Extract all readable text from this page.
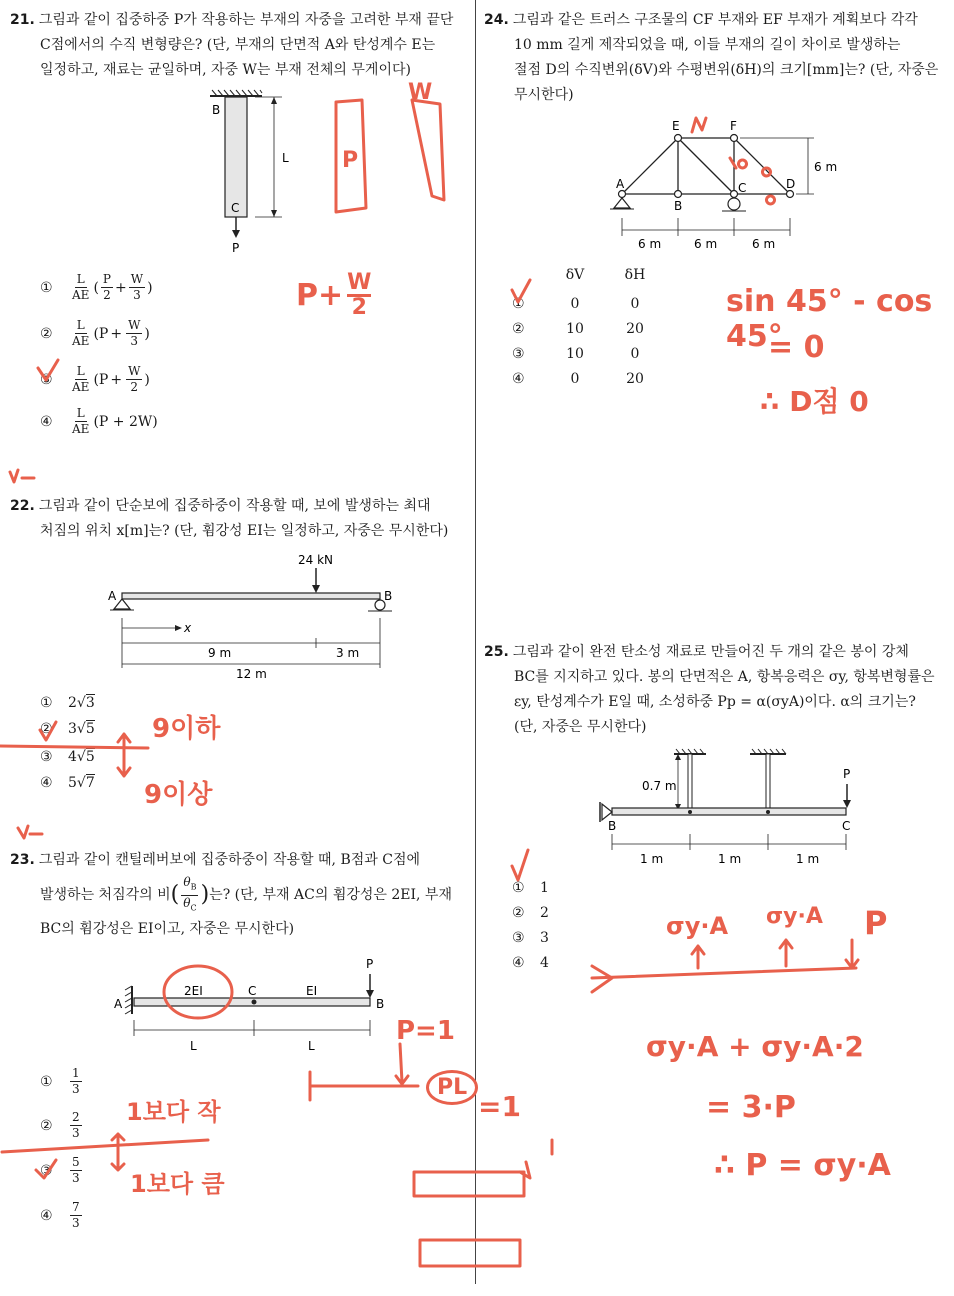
21. 그림과 같이 집중하중 P가 작용하는 부재의 자중을 고려한 부재 끝단

C점에서의 수직 변형량은? (단, 부재의 단면적 A와 탄성계수 E는

일정하고, 재료는 균일하며, 자중 W는 부재 전체의 무게이다)

B
C
P
L
①	$\frac{L}{AE}$ ( $\frac{P}{2} + \frac{W}{3}$ )
②	$\frac{L}{AE} (P + \frac{W}{3}$ )
③	$\frac{L}{AE} (P + \frac{W}{2}$ )
④	$\frac{L}{AE} (P + 2W)$

22. 그림과 같이 단순보에 집중하중이 작용할 때, 보에 발생하는 최대

처짐의 위치 x[m]는? (단, 휨강성 EI는 일정하고, 자중은 무시한다)

24 kN
A	B
x
9 m	3 m
12 m
①	2 √ 3
②	3 √ 5
③	4 √ 5
④	5 √ 7

23. 그림과 같이 캔틸레버보에 집중하중이 작용할 때, B점과 C점에

발생하는 처짐각의 비 ( $\frac{\theta_B}{\theta_C}$ ) 는? (단, 부재 AC의 휨강성은 2EI, 부재

BC의 휨강성은 EI이고, 자중은 무시한다)

P
A
2EI	C	EI
B
L	L
①	$\frac{1}{3}$
②	$\frac{2}{3}$
③	$\frac{5}{3}$
④	$\frac{7}{3}$

24. 그림과 같은 트러스 구조물의 CF 부재와 EF 부재가 계획보다 각각

10 mm 길게 제작되었을 때, 이들 부재의 길이 차이로 발생하는

절점 D의 수직변위(δV)와 수평변위(δH)의 크기[mm]는? (단, 자중은

무시한다)

E	F
A
B
C	D
6 m
6 m	6 m	6 m
δV	δH
①	0	0
②	10	20
③	10	0
④	0	20

25. 그림과 같이 완전 탄소성 재료로 만들어진 두 개의 같은 봉이 강체

BC를 지지하고 있다. 봉의 단면적은 A, 항복응력은 σy, 항복변형률은

εy, 탄성계수가 E일 때, 소성하중 Pp = α(σyA)이다. α의 크기는?

(단, 자중은 무시한다)

0.7 m
B	C
P
1 m	1 m	1 m
①	1
②	2
③	3
④	4
P
W
$P+ \frac{W}{2}$
9이하
9이상
1보다 작
1보다 큼
P=1
PL
=1
sin 45° - cos 45°
= 0
∴ D점 0
σy·A σy·A P
σy·A + σy·A·2
= 3·P
∴ P = σy·A
